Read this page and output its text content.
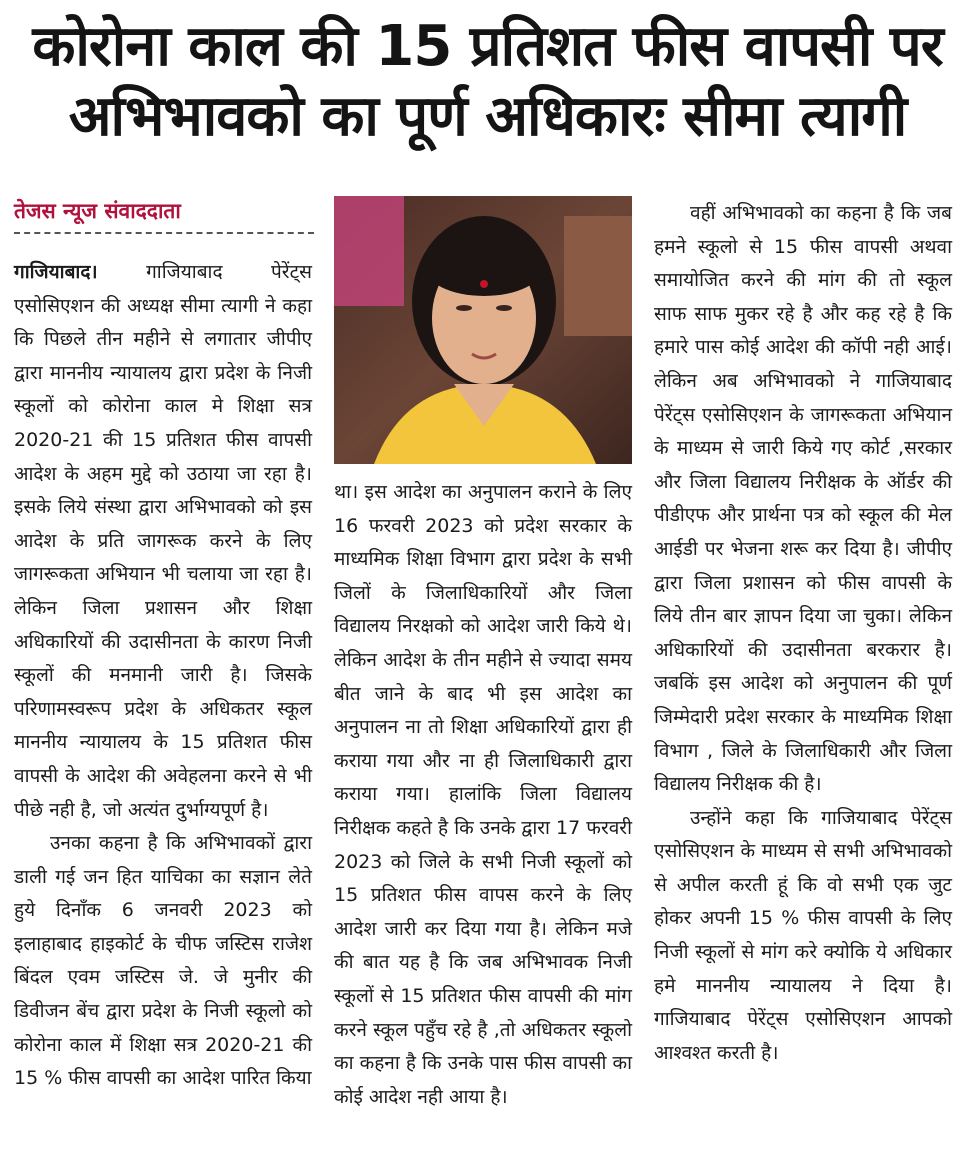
कोरोना काल की 15 प्रतिशत फीस वापसी पर
अभिभावको का पूर्ण अधिकारः सीमा त्यागी
तेजस न्यूज संवाददाता

गाजियाबाद।	गाजियाबाद पेरेंट्स एसोसिएशन की अध्यक्ष सीमा त्यागी ने कहा कि पिछले तीन महीने से लगातार जीपीए द्वारा माननीय न्यायालय द्वारा प्रदेश के निजी स्कूलों को कोरोना काल मे शिक्षा सत्र 2020-21 की 15 प्रतिशत फीस वापसी आदेश के अहम मुद्दे को उठाया जा रहा है। इसके लिये संस्था द्वारा अभिभावको को इस आदेश के प्रति जागरूक करने के लिए जागरूकता अभियान भी चलाया जा रहा है। लेकिन जिला प्रशासन और शिक्षा अधिकारियों की उदासीनता के कारण निजी स्कूलों की मनमानी जारी है। जिसके परिणामस्वरूप प्रदेश के अधिकतर स्कूल माननीय न्यायालय के 15 प्रतिशत फीस वापसी के आदेश की अवेहलना करने से भी पीछे नही है, जो अत्यंत दुर्भाग्यपूर्ण है।

उनका कहना है कि अभिभावकों द्वारा डाली गई जन हित याचिका का सज्ञान लेते हुये दिनाँक 6 जनवरी 2023 को इलाहाबाद हाइकोर्ट के चीफ जस्टिस राजेश बिंदल एवम जस्टिस जे. जे मुनीर की डिवीजन बेंच द्वारा प्रदेश के निजी स्कूलो को कोरोना काल में शिक्षा सत्र 2020-21 की 15 % फीस वापसी का आदेश पारित किया

था। इस आदेश का अनुपालन कराने के लिए 16 फरवरी 2023 को प्रदेश सरकार के माध्यमिक शिक्षा विभाग द्वारा प्रदेश के सभी जिलों के जिलाधिकारियों और जिला विद्यालय निरक्षको को आदेश जारी किये थे।लेकिन आदेश के तीन महीने से ज्यादा समय बीत जाने के बाद भी इस आदेश का अनुपालन ना तो शिक्षा अधिकारियों द्वारा ही कराया गया और ना ही जिलाधिकारी द्वारा कराया गया। हालांकि जिला विद्यालय निरीक्षक कहते है कि उनके द्वारा 17 फरवरी 2023 को जिले के सभी निजी स्कूलों को 15 प्रतिशत फीस वापस करने के लिए आदेश जारी कर दिया गया है। लेकिन मजे की बात यह है कि जब अभिभावक निजी स्कूलों से 15 प्रतिशत फीस वापसी की मांग करने स्कूल पहुँच रहे है ,तो अधिकतर स्कूलो का कहना है कि उनके पास फीस वापसी का कोई आदेश नही आया है।

वहीं अभिभावको का कहना है कि जब हमने स्कूलो से 15 फीस वापसी अथवा समायोजित करने की मांग की तो स्कूल साफ साफ मुकर रहे है और कह रहे है कि हमारे पास कोई आदेश की कॉपी नही आई।लेकिन अब अभिभावको ने गाजियाबाद पेरेंट्स एसोसिएशन के जागरूकता अभियान के माध्यम से जारी किये गए कोर्ट ,सरकार और जिला विद्यालय निरीक्षक के ऑर्डर की पीडीएफ और प्रार्थना पत्र को स्कूल की मेल आईडी पर भेजना शरू कर दिया है। जीपीए द्वारा जिला प्रशासन को फीस वापसी के लिये तीन बार ज्ञापन दिया जा चुका। लेकिन अधिकारियों की उदासीनता बरकरार है। जबकिं इस आदेश को अनुपालन की पूर्ण जिम्मेदारी प्रदेश सरकार के माध्यमिक शिक्षा विभाग , जिले के जिलाधिकारी और जिला विद्यालय निरीक्षक की है।

उन्होंने कहा कि गाजियाबाद पेरेंट्स एसोसिएशन के माध्यम से सभी अभिभावको से अपील करती हूं कि वो सभी एक जुट होकर अपनी 15 % फीस वापसी के लिए निजी स्कूलों से मांग करे क्योकि ये अधिकार हमे माननीय न्यायालय ने दिया है। गाजियाबाद पेरेंट्स एसोसिएशन आपको आश्वश्त करती है।
